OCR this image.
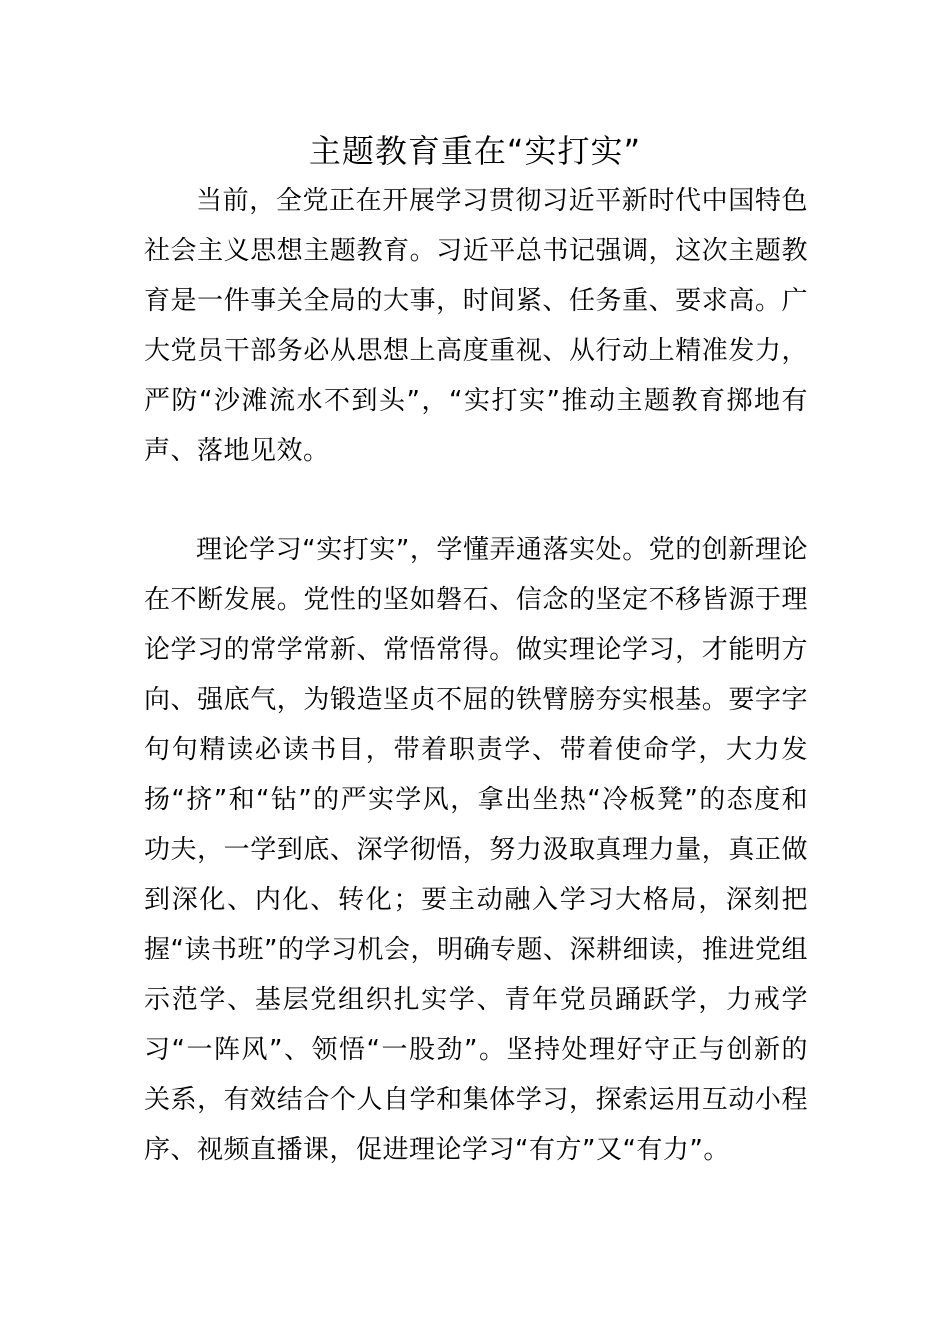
主题教育重在“实打实”

当前，全党正在开展学习贯彻习近平新时代中国特色社会主义思想主题教育。习近平总书记强调，这次主题教育是一件事关全局的大事，时间紧、任务重、要求高。广大党员干部务必从思想上高度重视、从行动上精准发力，严防“沙滩流水不到头”，“实打实”推动主题教育掷地有声、落地见效。

理论学习“实打实”，学懂弄通落实处。党的创新理论在不断发展。党性的坚如磐石、信念的坚定不移皆源于理论学习的常学常新、常悟常得。做实理论学习，才能明方向、强底气，为锻造坚贞不屈的铁臂膀夯实根基。要字字句句精读必读书目，带着职责学、带着使命学，大力发扬“挤”和“钻”的严实学风，拿出坐热“冷板凳”的态度和功夫，一学到底、深学彻悟，努力汲取真理力量，真正做到深化、内化、转化；要主动融入学习大格局，深刻把握“读书班”的学习机会，明确专题、深耕细读，推进党组示范学、基层党组织扎实学、青年党员踊跃学，力戒学习“一阵风”、领悟“一股劲”。坚持处理好守正与创新的关系，有效结合个人自学和集体学习，探索运用互动小程序、视频直播课，促进理论学习“有方”又“有力”。
